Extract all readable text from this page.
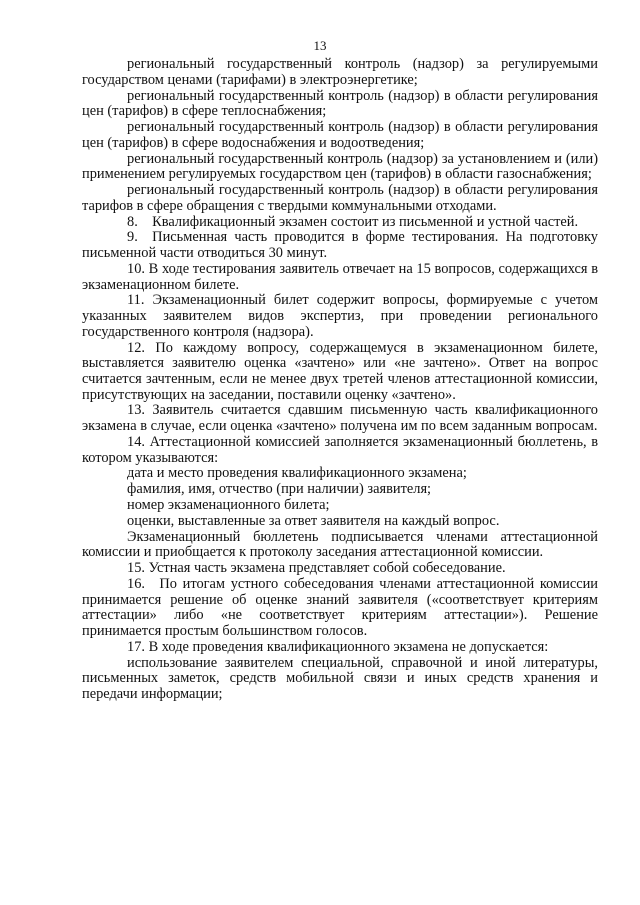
13

региональный государственный контроль (надзор) за регулируемыми государством ценами (тарифами) в электроэнергетике;

региональный государственный контроль (надзор) в области регулирования цен (тарифов) в сфере теплоснабжения;

региональный государственный контроль (надзор) в области регулирования цен (тарифов) в сфере водоснабжения и водоотведения;

региональный государственный контроль (надзор) за установлением и (или) применением регулируемых государством цен (тарифов) в области газоснабжения;

региональный государственный контроль (надзор) в области регулирования тарифов в сфере обращения с твердыми коммунальными отходами.

8. Квалификационный экзамен состоит из письменной и устной частей.

9. Письменная часть проводится в форме тестирования. На подготовку письменной части отводиться 30 минут.

10. В ходе тестирования заявитель отвечает на 15 вопросов, содержащихся в экзаменационном билете.

11. Экзаменационный билет содержит вопросы, формируемые с учетом указанных заявителем видов экспертиз, при проведении регионального государственного контроля (надзора).

12. По каждому вопросу, содержащемуся в экзаменационном билете, выставляется заявителю оценка «зачтено» или «не зачтено». Ответ на вопрос считается зачтенным, если не менее двух третей членов аттестационной комиссии, присутствующих на заседании, поставили оценку «зачтено».

13. Заявитель считается сдавшим письменную часть квалификационного экзамена в случае, если оценка «зачтено» получена им по всем заданным вопросам.

14. Аттестационной комиссией заполняется экзаменационный бюллетень, в котором указываются:

дата и место проведения квалификационного экзамена;

фамилия, имя, отчество (при наличии) заявителя;

номер экзаменационного билета;

оценки, выставленные за ответ заявителя на каждый вопрос.

Экзаменационный бюллетень подписывается членами аттестационной комиссии и приобщается к протоколу заседания аттестационной комиссии.

15. Устная часть экзамена представляет собой собеседование.

16. По итогам устного собеседования членами аттестационной комиссии принимается решение об оценке знаний заявителя («соответствует критериям аттестации» либо «не соответствует критериям аттестации»). Решение принимается простым большинством голосов.

17. В ходе проведения квалификационного экзамена не допускается:

использование заявителем специальной, справочной и иной литературы, письменных заметок, средств мобильной связи и иных средств хранения и передачи информации;
